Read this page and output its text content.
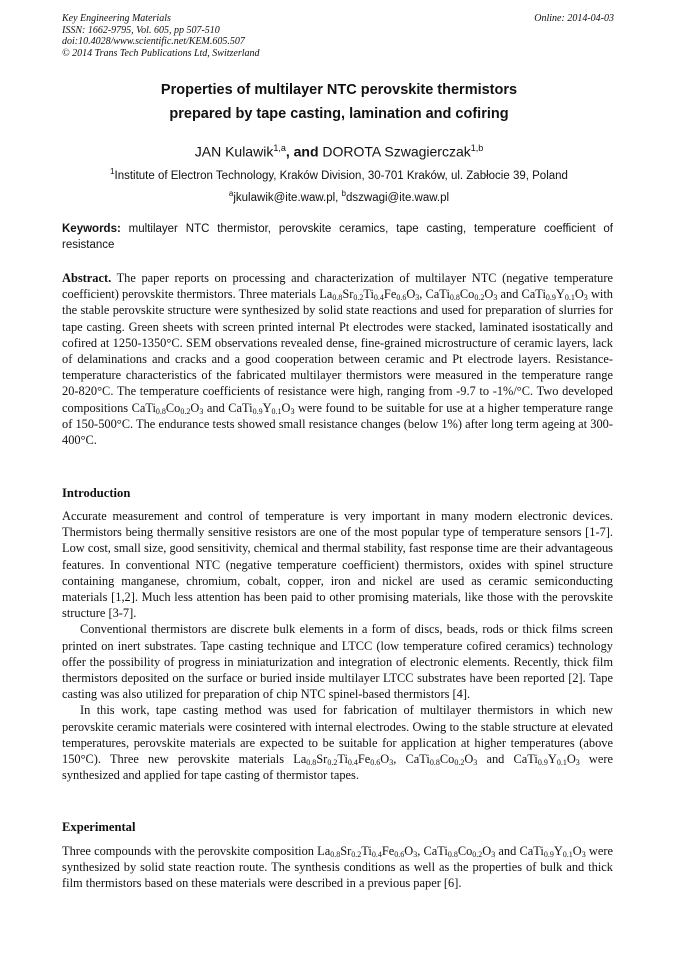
Key Engineering Materials
ISSN: 1662-9795, Vol. 605, pp 507-510
doi:10.4028/www.scientific.net/KEM.605.507
© 2014 Trans Tech Publications Ltd, Switzerland
Online: 2014-04-03
Properties of multilayer NTC perovskite thermistors
prepared by tape casting, lamination and cofiring
JAN Kulawik$^{1,a}$, and DOROTA Szwagierczak$^{1,b}$
$^1$Institute of Electron Technology, Kraków Division, 30-701 Kraków, ul. Zabłocie 39, Poland
$^a$jkulawik@ite.waw.pl, $^b$dszwagi@ite.waw.pl
Keywords: multilayer NTC thermistor, perovskite ceramics, tape casting, temperature coefficient of resistance
Abstract. The paper reports on processing and characterization of multilayer NTC (negative temperature coefficient) perovskite thermistors. Three materials $La_{0.8}Sr_{0.2}Ti_{0.4}Fe_{0.6}O_3$, $CaTi_{0.8}Co_{0.2}O_3$ and $CaTi_{0.9}Y_{0.1}O_3$ with the stable perovskite structure were synthesized by solid state reactions and used for preparation of slurries for tape casting. Green sheets with screen printed internal Pt electrodes were stacked, laminated isostatically and cofired at 1250-1350°C. SEM observations revealed dense, fine-grained microstructure of ceramic layers, lack of delaminations and cracks and a good cooperation between ceramic and Pt electrode layers. Resistance-temperature characteristics of the fabricated multilayer thermistors were measured in the temperature range 20-820°C. The temperature coefficients of resistance were high, ranging from -9.7 to -1%/°C. Two developed compositions $CaTi_{0.8}Co_{0.2}O_3$ and $CaTi_{0.9}Y_{0.1}O_3$ were found to be suitable for use at a higher temperature range of 150-500°C. The endurance tests showed small resistance changes (below 1%) after long term ageing at 300-400°C.
Introduction

Accurate measurement and control of temperature is very important in many modern electronic devices. Thermistors being thermally sensitive resistors are one of the most popular type of temperature sensors [1-7]. Low cost, small size, good sensitivity, chemical and thermal stability, fast response time are their advantageous features. In conventional NTC (negative temperature coefficient) thermistors, oxides with spinel structure containing manganese, chromium, cobalt, copper, iron and nickel are used as ceramic semiconducting materials [1,2]. Much less attention has been paid to other promising materials, like those with the perovskite structure [3-7].

Conventional thermistors are discrete bulk elements in a form of discs, beads, rods or thick films screen printed on inert substrates. Tape casting technique and LTCC (low temperature cofired ceramics) technology offer the possibility of progress in miniaturization and integration of electronic elements. Recently, thick film thermistors deposited on the surface or buried inside multilayer LTCC substrates have been reported [2]. Tape casting was also utilized for preparation of chip NTC spinel-based thermistors [4].

In this work, tape casting method was used for fabrication of multilayer thermistors in which new perovskite ceramic materials were cosintered with internal electrodes. Owing to the stable structure at elevated temperatures, perovskite materials are expected to be suitable for application at higher temperatures (above 150°C). Three new perovskite materials $La_{0.8}Sr_{0.2}Ti_{0.4}Fe_{0.6}O_3$, $CaTi_{0.8}Co_{0.2}O_3$ and $CaTi_{0.9}Y_{0.1}O_3$ were synthesized and applied for tape casting of thermistor tapes.

Experimental

Three compounds with the perovskite composition $La_{0.8}Sr_{0.2}Ti_{0.4}Fe_{0.6}O_3$, $CaTi_{0.8}Co_{0.2}O_3$ and $CaTi_{0.9}Y_{0.1}O_3$ were synthesized by solid state reaction route. The synthesis conditions as well as the properties of bulk and thick film thermistors based on these materials were described in a previous paper [6].
